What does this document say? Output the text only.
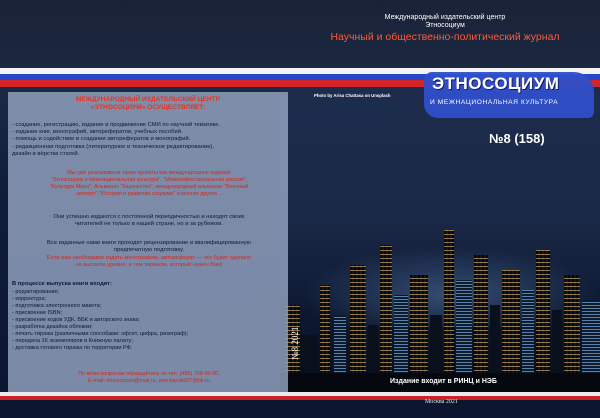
Международный издательский центр
Этносоциум
Научный и общественно-политический журнал
ЭТНОСОЦИУМ
И МЕЖНАЦИОНАЛЬНАЯ КУЛЬТУРА
№8 (158)
Photo by Arisa Chattasa on Unsplash
МЕЖДУНАРОДНЫЙ ИЗДАТЕЛЬСКИЙ ЦЕНТР
«ЭТНОСОЦИУМ» ОСУЩЕСТВЛЯЕТ:
- создание, регистрацию, издание и продвижение СМИ по научной тематике.
- издание книг, монографий, авторефератов, учебных пособий.
- помощь и содействие в создании авторефератов и монографий.
- редакционная подготовка (литературное и техническое редактирование),
дизайн и вёрстка статей.
Мы уже реализовали такие проекты как международное издание
"Этносоциум и межнациональная культура", "Межконфессиональная миссия",
"Культура Мира", Альманах "Казачество", международный альманах "Военный
эксперт","История и развитие социума" и многие другие...
Они успешно издаются с постоянной периодичностью и находят своих
читателей не только в нашей стране, но и за рубежом.
Все изданные нами книги проходят рецензирование и квалифицированную
предпечатную подготовку.
Если вам необходимо издать монографию, автореферат — это будет сделано
на высоком уровне, и тем тиражом, который нужен Вам!
В процессе выпуска книги входят:
- редактирование;
- корректура;
- подготовка электронного макета;
- присвоение ISBN;
- присвоение кодов УДК, ББК и авторского знака;
- разработка дизайна обложки;
- печать тиража (различными способами: офсет, цифра, ризограф);
- передача 16 экземпляров в Книжную палату;
- доставка готового тиража по территории РФ.
По всем вопросам обращайтесь по тел. (495) 708-30-00,
E-mail: etnosocium@mail.ru, или kazak007@bk.ru
№8 2021
Издание входит в РИНЦ и НЭБ
Москва 2021
